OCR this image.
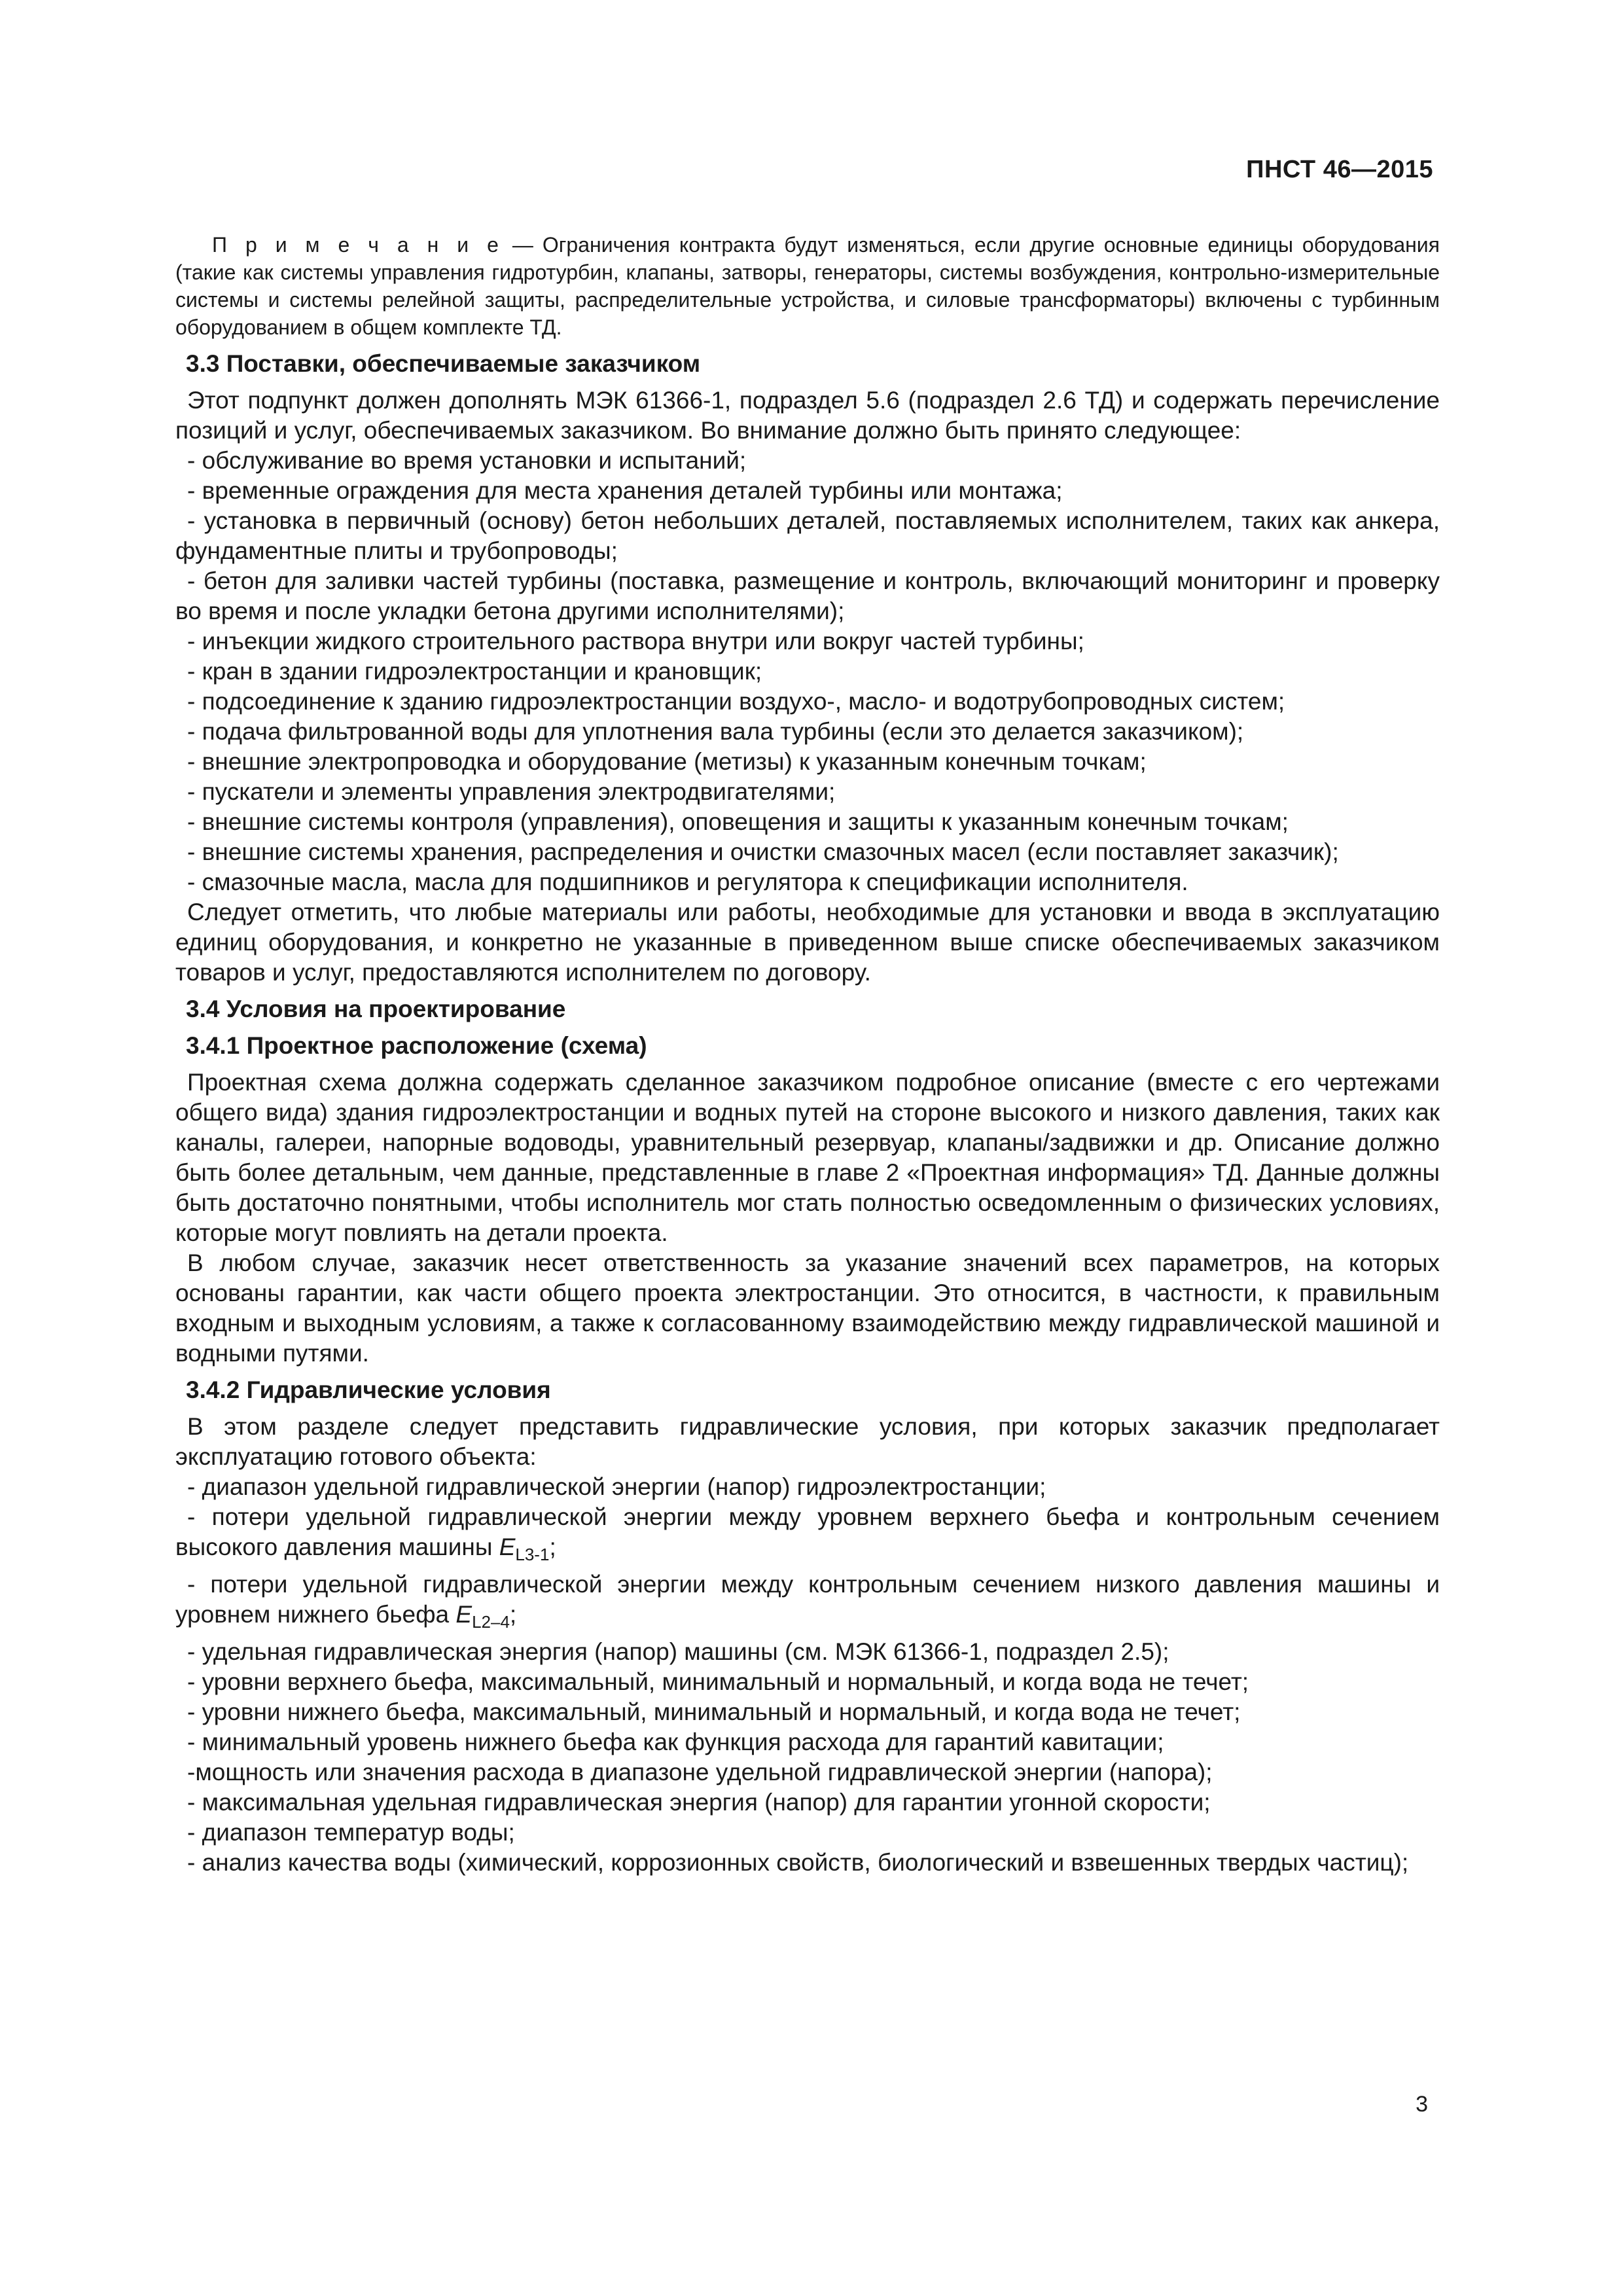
ПНСТ 46—2015
П р и м е ч а н и е — Ограничения контракта будут изменяться, если другие основные единицы оборудования (такие как системы управления гидротурбин, клапаны, затворы, генераторы, системы возбуждения, контрольно-измерительные системы и системы релейной защиты, распределительные устройства, и силовые трансформаторы) включены с турбинным оборудованием в общем комплекте ТД.
3.3 Поставки, обеспечиваемые заказчиком
Этот подпункт должен дополнять МЭК 61366-1, подраздел 5.6 (подраздел 2.6 ТД) и содержать перечисление позиций и услуг, обеспечиваемых заказчиком. Во внимание должно быть принято следующее:
- обслуживание во время установки и испытаний;
- временные ограждения для места хранения деталей турбины или монтажа;
- установка в первичный (основу) бетон небольших деталей, поставляемых исполнителем, таких как анкера, фундаментные плиты и трубопроводы;
- бетон для заливки частей турбины (поставка, размещение и контроль, включающий мониторинг и проверку во время и после укладки бетона другими исполнителями);
- инъекции жидкого строительного раствора внутри или вокруг частей турбины;
- кран в здании гидроэлектростанции и крановщик;
- подсоединение к зданию гидроэлектростанции воздухо-, масло- и водотрубопроводных систем;
- подача фильтрованной воды для уплотнения вала турбины (если это делается заказчиком);
- внешние электропроводка и оборудование (метизы) к указанным конечным точкам;
- пускатели и элементы управления электродвигателями;
- внешние системы контроля (управления), оповещения и защиты к указанным конечным точкам;
- внешние системы хранения, распределения и очистки смазочных масел (если поставляет заказчик);
- смазочные масла, масла для подшипников и регулятора к спецификации исполнителя.
Следует отметить, что любые материалы или работы, необходимые для установки и ввода в эксплуатацию единиц оборудования, и конкретно не указанные в приведенном выше списке обеспечиваемых заказчиком товаров и услуг, предоставляются исполнителем по договору.
3.4 Условия на проектирование
3.4.1 Проектное расположение (схема)
Проектная схема должна содержать сделанное заказчиком подробное описание (вместе с его чертежами общего вида) здания гидроэлектростанции и водных путей на стороне высокого и низкого давления, таких как каналы, галереи, напорные водоводы, уравнительный резервуар, клапаны/задвижки и др. Описание должно быть более детальным, чем данные, представленные в главе 2 «Проектная информация» ТД. Данные должны быть достаточно понятными, чтобы исполнитель мог стать полностью осведомленным о физических условиях, которые могут повлиять на детали проекта.
В любом случае, заказчик несет ответственность за указание значений всех параметров, на которых основаны гарантии, как части общего проекта электростанции. Это относится, в частности, к правильным входным и выходным условиям, а также к согласованному взаимодействию между гидравлической машиной и водными путями.
3.4.2 Гидравлические условия
В этом разделе следует представить гидравлические условия, при которых заказчик предполагает эксплуатацию готового объекта:
- диапазон удельной гидравлической энергии (напор) гидроэлектростанции;
- потери удельной гидравлической энергии между уровнем верхнего бьефа и контрольным сечением высокого давления машины $E_{L3-1}$;
- потери удельной гидравлической энергии между контрольным сечением низкого давления машины и уровнем нижнего бьефа $E_{L2-4}$;
- удельная гидравлическая энергия (напор) машины (см. МЭК 61366-1, подраздел 2.5);
- уровни верхнего бьефа, максимальный, минимальный и нормальный, и когда вода не течет;
- уровни нижнего бьефа, максимальный, минимальный и нормальный, и когда вода не течет;
- минимальный уровень нижнего бьефа как функция расхода для гарантий кавитации;
-мощность или значения расхода в диапазоне удельной гидравлической энергии (напора);
- максимальная удельная гидравлическая энергия (напор) для гарантии угонной скорости;
- диапазон температур воды;
- анализ качества воды (химический, коррозионных свойств, биологический и взвешенных твердых частиц);
3
